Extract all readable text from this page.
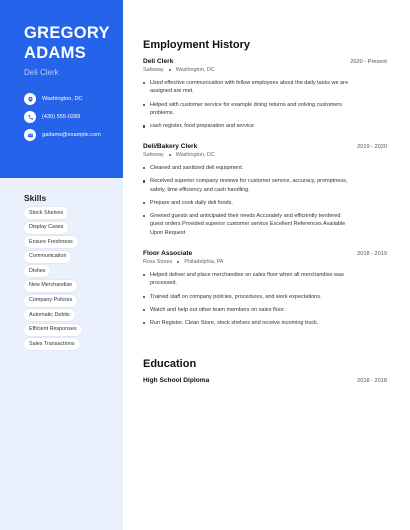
GREGORY
ADAMS
Deli Clerk
Washington, DC
(430) 555-0289
gadams@example.com
Skills
Stock Shelves
Display Cases
Ensure Freshness
Communication
Dishes
New Merchandise
Company Policies
Automatic Debits
Efficient Responses
Sales Transactions
Employment History
Deli Clerk	2020 - Present
Safeway Washington, DC
Used effective communication with fellow employees about the daily tasks we are assigned are met.
Helped with customer service for example doing returns and solving customers problems.
cash register, food preparation and service
Deli/Bakery Clerk	2019 - 2020
Safeway Washington, DC
Cleaned and sanitized deli equipment.
Received superior company reviews for customer service, accuracy, promptness, safety, time efficiency and cash handling.
Prepare and cook daily deli foods.
Greeted guests and anticipated their needs Accurately and efficiently tendered guest orders Provided superior customer service Excellent References Available Upon Request
Floor Associate	2018 - 2019
Ross Stores Philadelphia, PA
Helped deliver and place merchandise on sales floor when all merchandise was processed.
Trained staff on company policies, procedures, and work expectations.
Watch and help out other team members on sales floor.
Run Register, Clean Store, stock shelves and receive incoming truck.
Education
High School Diploma	2018 - 2018
